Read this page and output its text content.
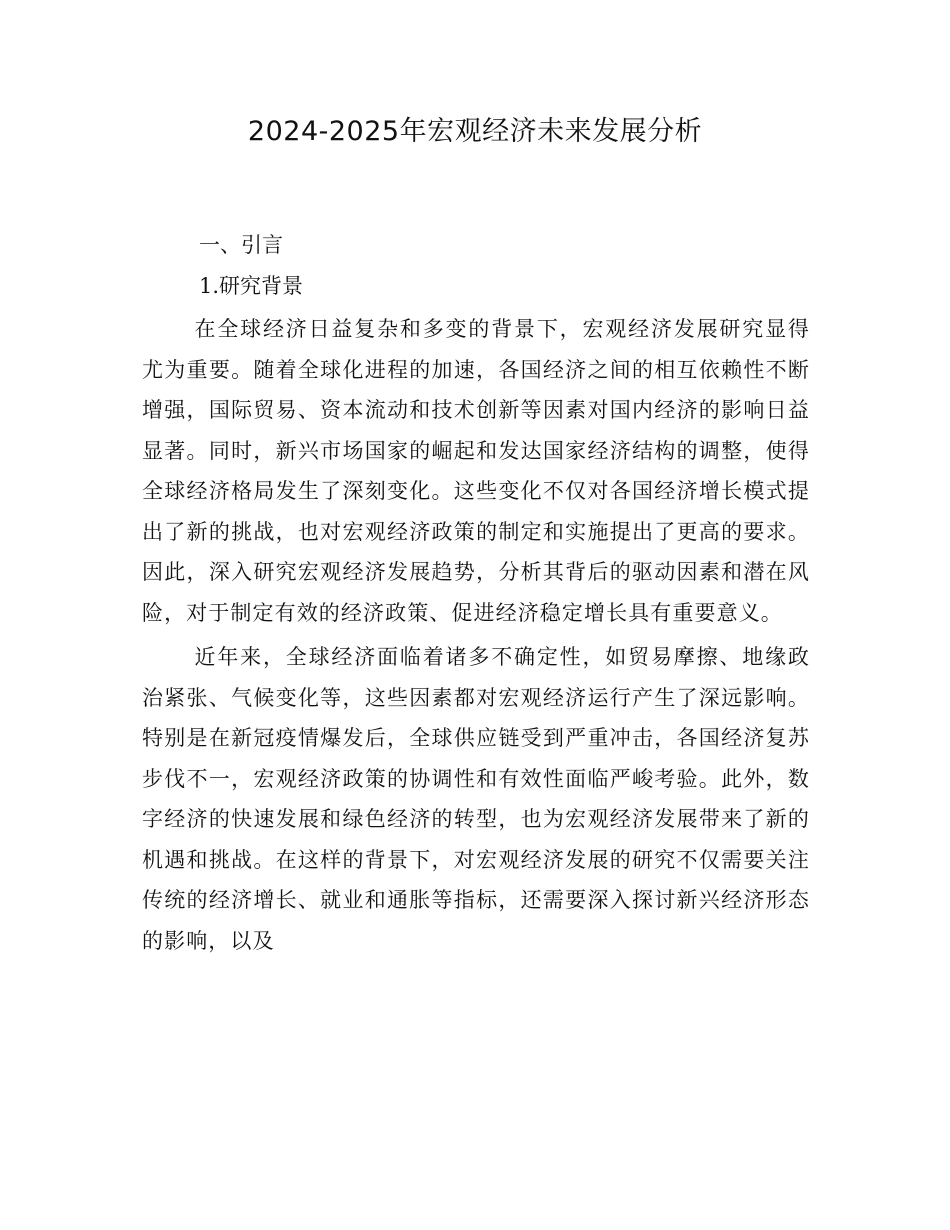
2024-2025年宏观经济未来发展分析
一、引言
1.研究背景

在全球经济日益复杂和多变的背景下，宏观经济发展研究显得尤为重要。随着全球化进程的加速，各国经济之间的相互依赖性不断增强，国际贸易、资本流动和技术创新等因素对国内经济的影响日益显著。同时，新兴市场国家的崛起和发达国家经济结构的调整，使得全球经济格局发生了深刻变化。这些变化不仅对各国经济增长模式提出了新的挑战，也对宏观经济政策的制定和实施提出了更高的要求。因此，深入研究宏观经济发展趋势，分析其背后的驱动因素和潜在风险，对于制定有效的经济政策、促进经济稳定增长具有重要意义。

近年来，全球经济面临着诸多不确定性，如贸易摩擦、地缘政治紧张、气候变化等，这些因素都对宏观经济运行产生了深远影响。特别是在新冠疫情爆发后，全球供应链受到严重冲击，各国经济复苏步伐不一，宏观经济政策的协调性和有效性面临严峻考验。此外，数字经济的快速发展和绿色经济的转型，也为宏观经济发展带来了新的机遇和挑战。在这样的背景下，对宏观经济发展的研究不仅需要关注传统的经济增长、就业和通胀等指标，还需要深入探讨新兴经济形态的影响，以及
